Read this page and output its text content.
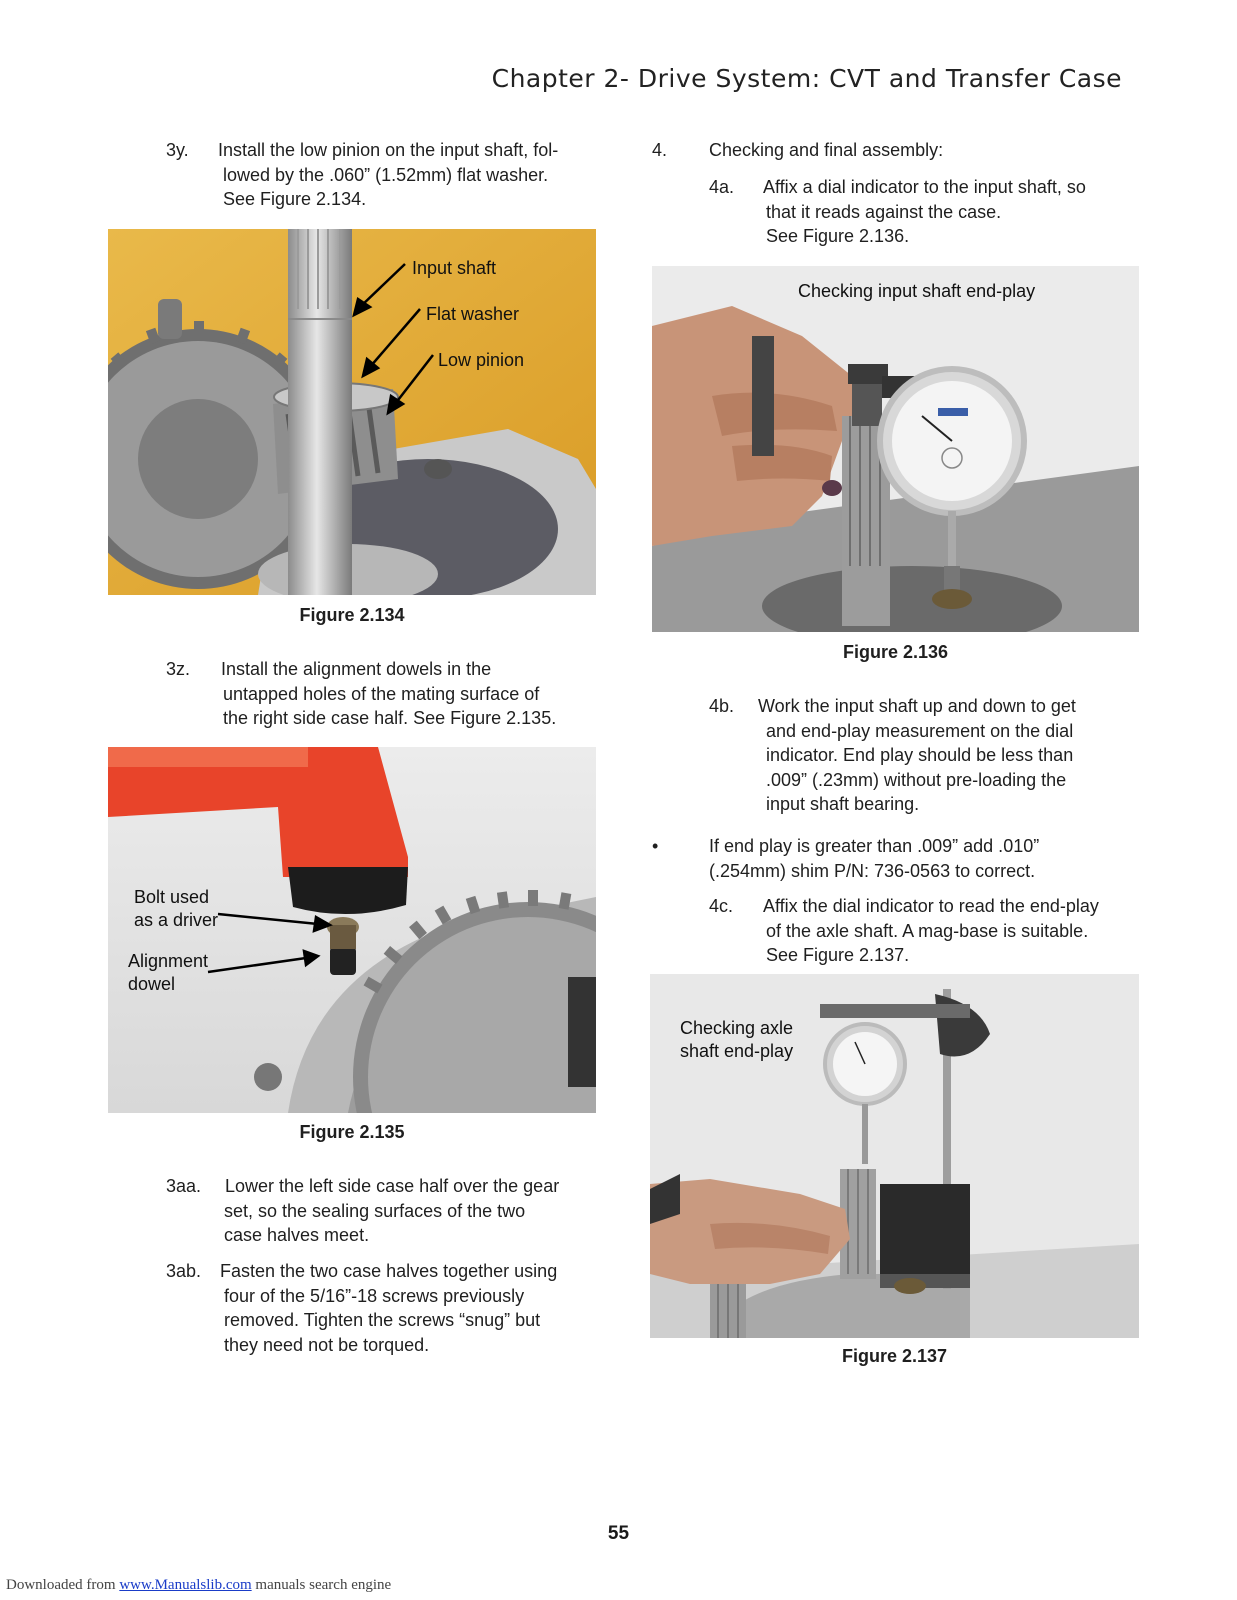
Chapter 2- Drive System: CVT and Transfer Case
3y. Install the low pinion on the input shaft, fol-
lowed by the .060” (1.52mm) flat washer.
See Figure 2.134.
Input shaft
Flat washer
Low pinion
Figure 2.134
3z. Install the alignment dowels in the
untapped holes of the mating surface of
the right side case half. See Figure 2.135.
Bolt used
as a driver
Alignment
dowel
Figure 2.135
3aa. Lower the left side case half over the gear
set, so the sealing surfaces of the two
case halves meet.
3ab. Fasten the two case halves together using
four of the 5/16”-18 screws previously
removed. Tighten the screws “snug” but
they need not be torqued.
4. Checking and final assembly:
4a. Affix a dial indicator to the input shaft, so
that it reads against the case.
See Figure 2.136.
Checking input shaft end-play
Figure 2.136
4b. Work the input shaft up and down to get
and end-play measurement on the dial
indicator. End play should be less than
.009” (.23mm) without pre-loading the
input shaft bearing.
•	If end play is greater than .009” add .010”
(.254mm) shim P/N: 736-0563 to correct.
4c. Affix the dial indicator to read the end-play
of the axle shaft. A mag-base is suitable.
See Figure 2.137.
Checking axle
shaft end-play
Figure 2.137
55
Downloaded from www.Manualslib.com manuals search engine
